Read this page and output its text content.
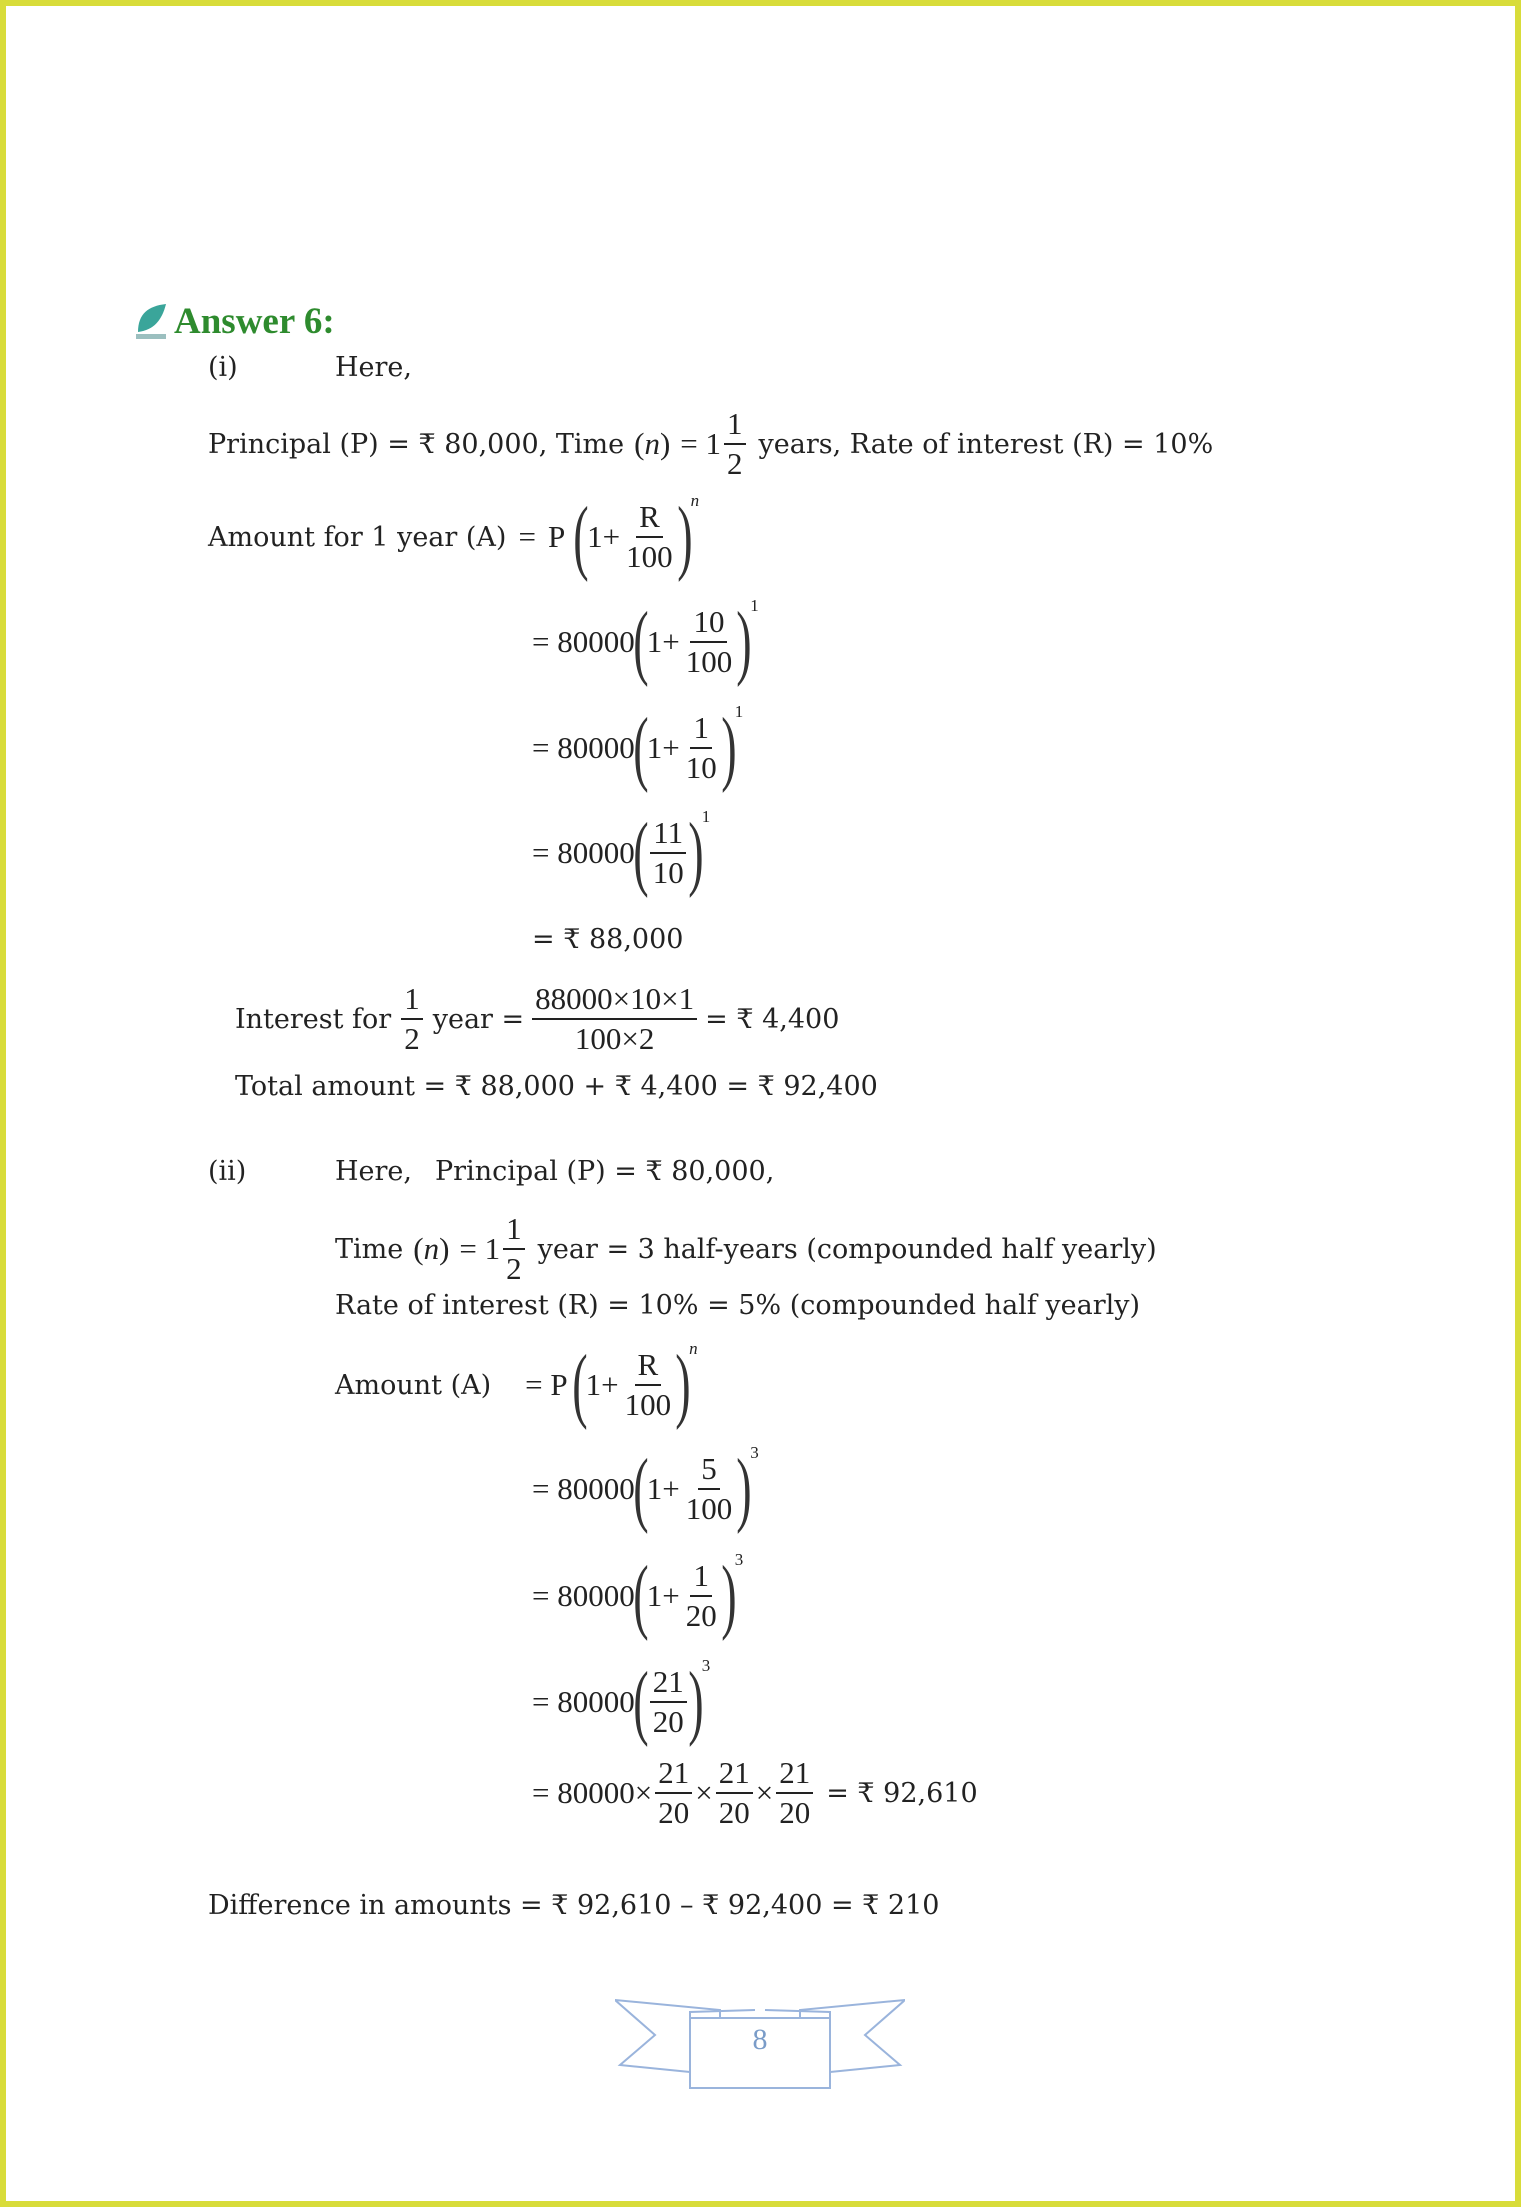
Answer 6:
(i)	Here,
Principal (P) = ₹ 80,000, Time $(n) = 1 \frac{1}{2}$ years, Rate of interest (R) = 10%
Amount for 1 year (A) = P (
$1+ \frac{R}{100}$ )
n
= 80000
(
$1+ \frac{10}{100}$ )
1
= 80000
(
$1+ \frac{1}{10}$ )
1
= 80000
( $\frac{11}{10}$ )
1
= ₹ 88,000
Interest for $\frac{1}{2}$ year = $\frac{88000\times 10\times 1}{100\times 2}$ = ₹ 4,400
Total amount = ₹ 88,000 + ₹ 4,400 = ₹ 92,400
(ii)	Here, Principal (P) = ₹ 80,000,
Time $(n) = 1 \frac{1}{2}$ year = 3 half-years (compounded half yearly)
Rate of interest (R) = 10% = 5% (compounded half yearly)
Amount (A) = P (
$1+ \frac{R}{100}$ )
n
= 80000
(
$1+ \frac{5}{100}$ )
3
= 80000
(
$1+ \frac{1}{20}$ )
3
= 80000
( $\frac{21}{20}$ )
3
= $80000\times \frac{21}{20} \times \frac{21}{20} \times \frac{21}{20}$ = ₹ 92,610
Difference in amounts = ₹ 92,610 – ₹ 92,400 = ₹ 210
8
